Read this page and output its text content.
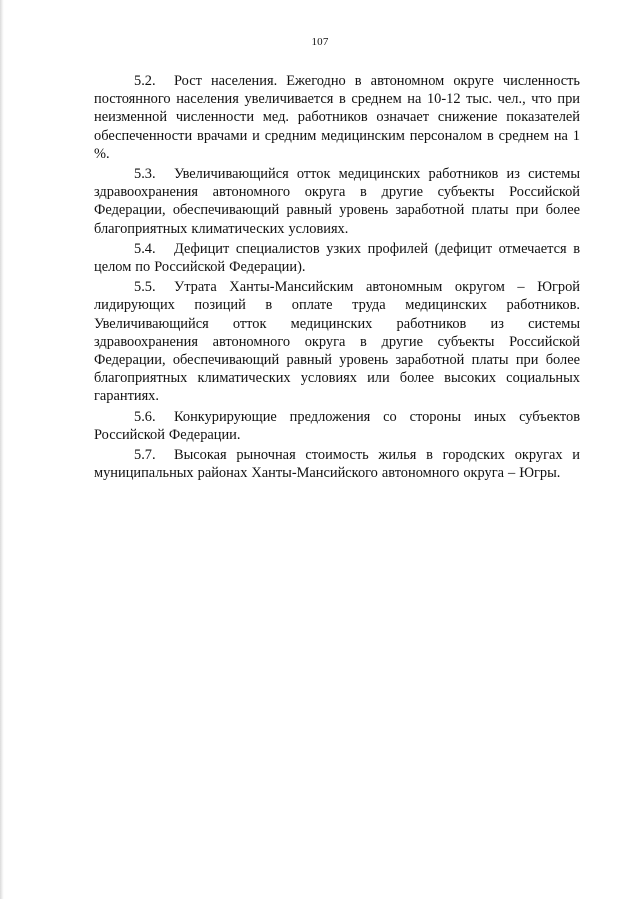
107

5.2. Рост населения. Ежегодно в автономном округе численность постоянного населения увеличивается в среднем на 10-12 тыс. чел., что при неизменной численности мед. работников означает снижение показателей обеспеченности врачами и средним медицинским персоналом в среднем на 1 %.

5.3. Увеличивающийся отток медицинских работников из системы здравоохранения автономного округа в другие субъекты Российской Федерации, обеспечивающий равный уровень заработной платы при более благоприятных климатических условиях.

5.4. Дефицит специалистов узких профилей (дефицит отмечается в целом по Российской Федерации).

5.5. Утрата Ханты-Мансийским автономным округом – Югрой лидирующих позиций в оплате труда медицинских работников. Увеличивающийся отток медицинских работников из системы здравоохранения автономного округа в другие субъекты Российской Федерации, обеспечивающий равный уровень заработной платы при более благоприятных климатических условиях или более высоких социальных гарантиях.

5.6. Конкурирующие предложения со стороны иных субъектов Российской Федерации.

5.7. Высокая рыночная стоимость жилья в городских округах и муниципальных районах Ханты-Мансийского автономного округа – Югры.
